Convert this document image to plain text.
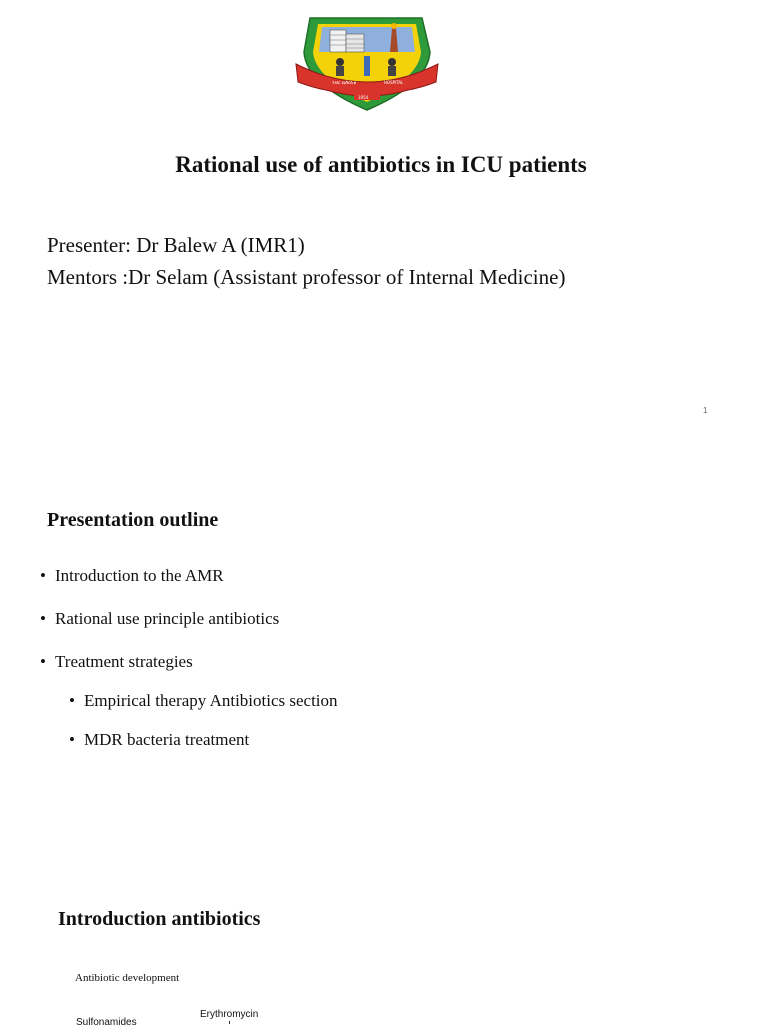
ጎንደር ዩኒቨርሲቲ	HOSPITAL
1954
Rational use of antibiotics in ICU patients
Presenter: Dr Balew A (IMR1)
Mentors :Dr Selam (Assistant professor of Internal Medicine)
1
Presentation outline
• Introduction to the AMR
• Rational use principle antibiotics
• Treatment strategies
• Empirical therapy Antibiotics section
• MDR bacteria treatment
Introduction antibiotics
Antibiotic development
Erythromycin
Sulfonamides
